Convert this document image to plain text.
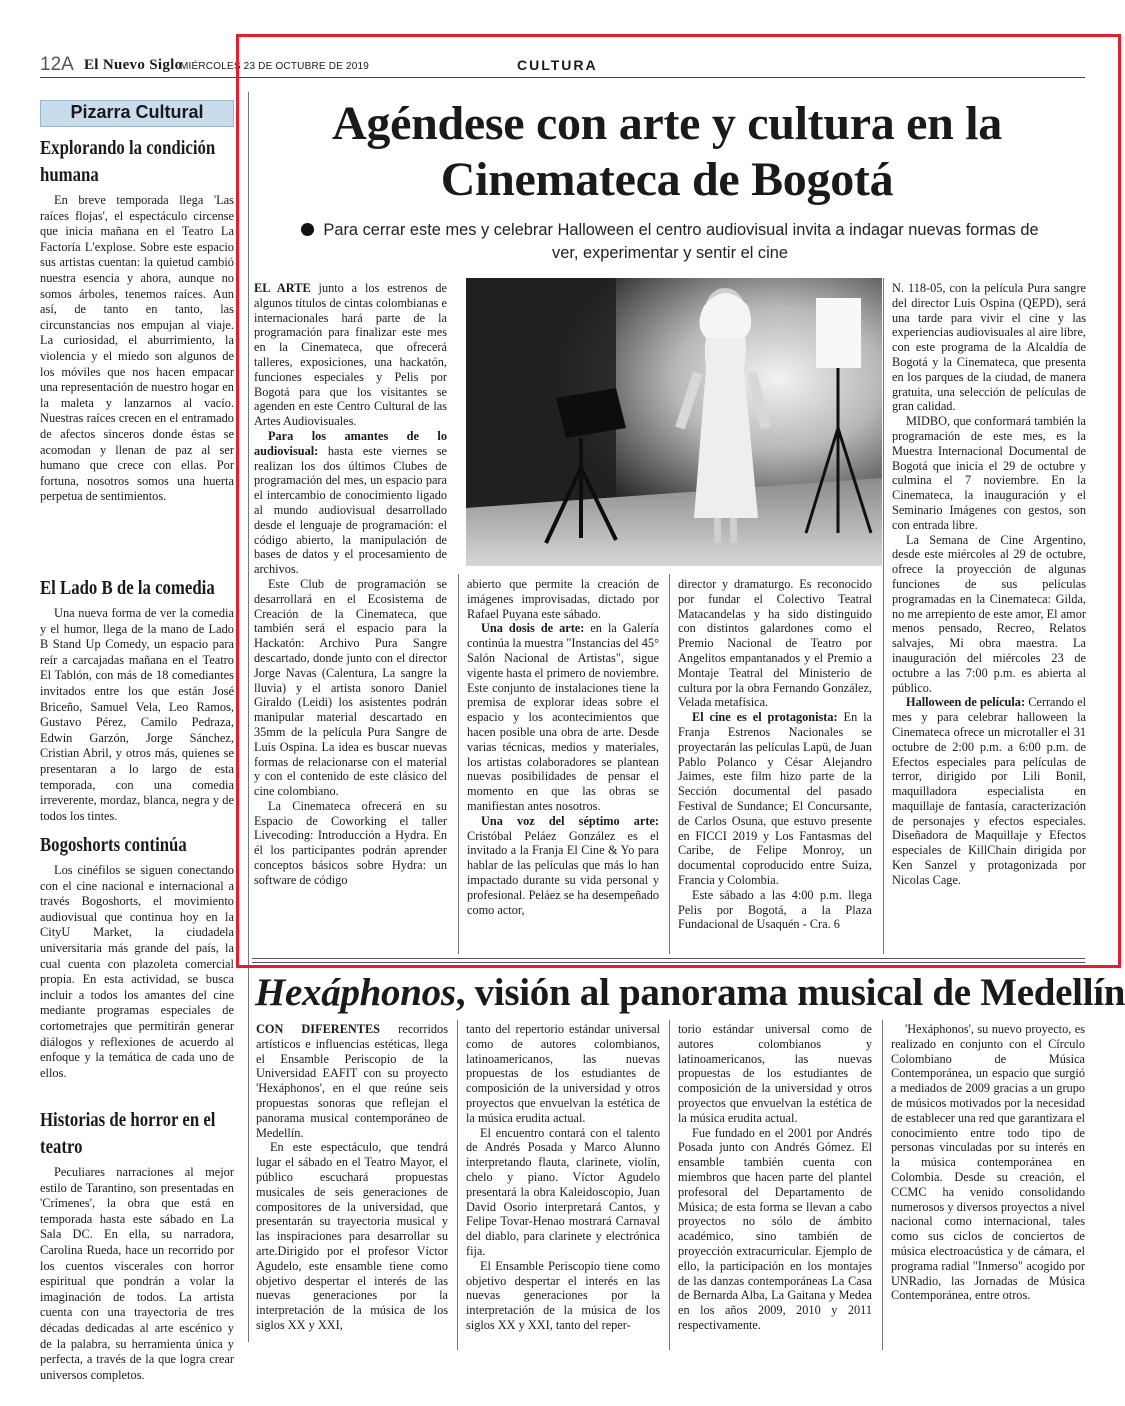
12A El Nuevo Siglo
MIÉRCOLES 23 DE OCTUBRE DE 2019	CULTURA
Pizarra Cultural
Explorando la condición humana
En breve temporada llega 'Las raíces flojas', el espectáculo circense que inicia mañana en el Teatro La Factoría L'explose. Sobre este espacio sus artistas cuentan: la quietud cambió nuestra esencia y ahora, aunque no somos árboles, tenemos raíces. Aun así, de tanto en tanto, las circunstancias nos empujan al viaje. La curiosidad, el aburrimiento, la violencia y el miedo son algunos de los móviles que nos hacen empacar una representación de nuestro hogar en la maleta y lanzarnos al vacío. Nuestras raíces crecen en el entramado de afectos sinceros donde éstas se acomodan y llenan de paz al ser humano que crece con ellas. Por fortuna, nosotros somos una huerta perpetua de sentimientos.
El Lado B de la comedia
Una nueva forma de ver la comedia y el humor, llega de la mano de Lado B Stand Up Comedy, un espacio para reír a carcajadas mañana en el Teatro El Tablón, con más de 18 comediantes invitados entre los que están José Briceño, Samuel Vela, Leo Ramos, Gustavo Pérez, Camilo Pedraza, Edwin Garzón, Jorge Sánchez, Cristian Abril, y otros más, quienes se presentaran a lo largo de esta temporada, con una comedia irreverente, mordaz, blanca, negra y de todos los tintes.
Bogoshorts continúa
Los cinéfilos se siguen conectando con el cine nacional e internacional a través Bogoshorts, el movimiento audiovisual que continua hoy en la CityU Market, la ciudadela universitaria más grande del país, la cual cuenta con plazoleta comercial propia. En esta actividad, se busca incluir a todos los amantes del cine mediante programas especiales de cortometrajes que permitirán generar diálogos y reflexiones de acuerdo al enfoque y la temática de cada uno de ellos.
Historias de horror en el teatro
Peculiares narraciones al mejor estilo de Tarantino, son presentadas en 'Crímenes', la obra que está en temporada hasta este sábado en La Sala DC. En ella, su narradora, Carolina Rueda, hace un recorrido por los cuentos viscerales con horror espiritual que pondrán a volar la imaginación de todos. La artista cuenta con una trayectoria de tres décadas dedicadas al arte escénico y de la palabra, su herramienta única y perfecta, a través de la que logra crear universos completos.
Agéndese con arte y cultura en la Cinemateca de Bogotá
Para cerrar este mes y celebrar Halloween el centro audiovisual invita a indagar nuevas formas de ver, experimentar y sentir el cine

EL ARTE junto a los estrenos de algunos títulos de cintas colombianas e internacionales hará parte de la programación para finalizar este mes en la Cinemateca, que ofrecerá talleres, exposiciones, una hackatón, funciones especiales y Pelis por Bogotá para que los visitantes se agenden en este Centro Cultural de las Artes Audiovisuales.

Para los amantes de lo audiovisual: hasta este viernes se realizan los dos últimos Clubes de programación del mes, un espacio para el intercambio de conocimiento ligado al mundo audiovisual desarrollado desde el lenguaje de programación: el código abierto, la manipulación de bases de datos y el procesamiento de archivos.

Este Club de programación se desarrollará en el Ecosistema de Creación de la Cinemateca, que también será el espacio para la Hackatón: Archivo Pura Sangre descartado, donde junto con el director Jorge Navas (Calentura, La sangre la lluvia) y el artista sonoro Daniel Giraldo (Leidi) los asistentes podrán manipular material descartado en 35mm de la película Pura Sangre de Luis Ospina. La idea es buscar nuevas formas de relacionarse con el material y con el contenido de este clásico del cine colombiano.

La Cinemateca ofrecerá en su Espacio de Coworking el taller Livecoding: Introducción a Hydra. En él los participantes podrán aprender conceptos básicos sobre Hydra: un software de código

abierto que permite la creación de imágenes improvisadas, dictado por Rafael Puyana este sábado.

Una dosis de arte: en la Galería continúa la muestra "Instancias del 45° Salón Nacional de Artistas", sigue vigente hasta el primero de noviembre. Este conjunto de instalaciones tiene la premisa de explorar ideas sobre el espacio y los acontecimientos que hacen posible una obra de arte. Desde varias técnicas, medios y materiales, los artistas colaboradores se plantean nuevas posibilidades de pensar el momento en que las obras se manifiestan antes nosotros.

Una voz del séptimo arte: Cristóbal Peláez González es el invitado a la Franja El Cine & Yo para hablar de las películas que más lo han impactado durante su vida personal y profesional. Peláez se ha desempeñado como actor,

director y dramaturgo. Es reconocido por fundar el Colectivo Teatral Matacandelas y ha sido distinguido con distintos galardones como el Premio Nacional de Teatro por Angelitos empantanados y el Premio a Montaje Teatral del Ministerio de cultura por la obra Fernando González, Velada metafísica.

El cine es el protagonista: En la Franja Estrenos Nacionales se proyectarán las películas Lapü, de Juan Pablo Polanco y César Alejandro Jaimes, este film hizo parte de la Sección documental del pasado Festival de Sundance; El Concursante, de Carlos Osuna, que estuvo presente en FICCI 2019 y Los Fantasmas del Caribe, de Felipe Monroy, un documental coproducido entre Suiza, Francia y Colombia.

Este sábado a las 4:00 p.m. llega Pelis por Bogotá, a la Plaza Fundacional de Usaquén - Cra. 6

N. 118-05, con la película Pura sangre del director Luis Ospina (QEPD), será una tarde para vivir el cine y las experiencias audiovisuales al aire libre, con este programa de la Alcaldía de Bogotá y la Cinemateca, que presenta en los parques de la ciudad, de manera gratuita, una selección de películas de gran calidad.

MIDBO, que conformará también la programación de este mes, es la Muestra Internacional Documental de Bogotá que inicia el 29 de octubre y culmina el 7 noviembre. En la Cinemateca, la inauguración y el Seminario Imágenes con gestos, son con entrada libre.

La Semana de Cine Argentino, desde este miércoles al 29 de octubre, ofrece la proyección de algunas funciones de sus películas programadas en la Cinemateca: Gilda, no me arrepiento de este amor, El amor menos pensado, Recreo, Relatos salvajes, Mi obra maestra. La inauguración del miércoles 23 de octubre a las 7:00 p.m. es abierta al público.

Halloween de película: Cerrando el mes y para celebrar halloween la Cinemateca ofrece un microtaller el 31 octubre de 2:00 p.m. a 6:00 p.m. de Efectos especiales para películas de terror, dirigido por Lili Bonil, maquilladora especialista en maquillaje de fantasía, caracterización de personajes y efectos especiales. Diseñadora de Maquillaje y Efectos especiales de KillChain dirigida por Ken Sanzel y protagonizada por Nicolas Cage.

Hexáphonos, visión al panorama musical de Medellín

CON DIFERENTES recorridos artísticos e influencias estéticas, llega el Ensamble Periscopio de la Universidad EAFIT con su proyecto 'Hexáphonos', en el que reúne seis propuestas sonoras que reflejan el panorama musical contemporáneo de Medellín.

En este espectáculo, que tendrá lugar el sábado en el Teatro Mayor, el público escuchará propuestas musicales de seis generaciones de compositores de la universidad, que presentarán su trayectoria musical y las inspiraciones para desarrollar su arte.Dirigido por el profesor Víctor Agudelo, este ensamble tiene como objetivo despertar el interés de las nuevas generaciones por la interpretación de la música de los siglos XX y XXI,

tanto del repertorio estándar universal como de autores colombianos, latinoamericanos, las nuevas propuestas de los estudiantes de composición de la universidad y otros proyectos que envuelvan la estética de la música erudita actual.

El encuentro contará con el talento de Andrés Posada y Marco Alunno interpretando flauta, clarinete, violín, chelo y piano. Víctor Agudelo presentará la obra Kaleidoscopio, Juan David Osorio interpretará Cantos, y Felipe Tovar-Henao mostrará Carnaval del diablo, para clarinete y electrónica fija.

El Ensamble Periscopio tiene como objetivo despertar el interés en las nuevas generaciones por la interpretación de la música de los siglos XX y XXI, tanto del reper-

torio estándar universal como de autores colombianos y latinoamericanos, las nuevas propuestas de los estudiantes de composición de la universidad y otros proyectos que envuelvan la estética de la música erudita actual.

Fue fundado en el 2001 por Andrés Posada junto con Andrés Gómez. El ensamble también cuenta con miembros que hacen parte del plantel profesoral del Departamento de Música; de esta forma se llevan a cabo proyectos no sólo de ámbito académico, sino también de proyección extracurricular. Ejemplo de ello, la participación en los montajes de las danzas contemporáneas La Casa de Bernarda Alba, La Gaitana y Medea en los años 2009, 2010 y 2011 respectivamente.

'Hexáphonos', su nuevo proyecto, es realizado en conjunto con el Círculo Colombiano de Música Contemporánea, un espacio que surgió a mediados de 2009 gracias a un grupo de músicos motivados por la necesidad de establecer una red que garantizara el conocimiento entre todo tipo de personas vinculadas por su interés en la música contemporánea en Colombia. Desde su creación, el CCMC ha venido consolidando numerosos y diversos proyectos a nivel nacional como internacional, tales como sus ciclos de conciertos de música electroacústica y de cámara, el programa radial "Inmerso" acogido por UNRadio, las Jornadas de Música Contemporánea, entre otros.
